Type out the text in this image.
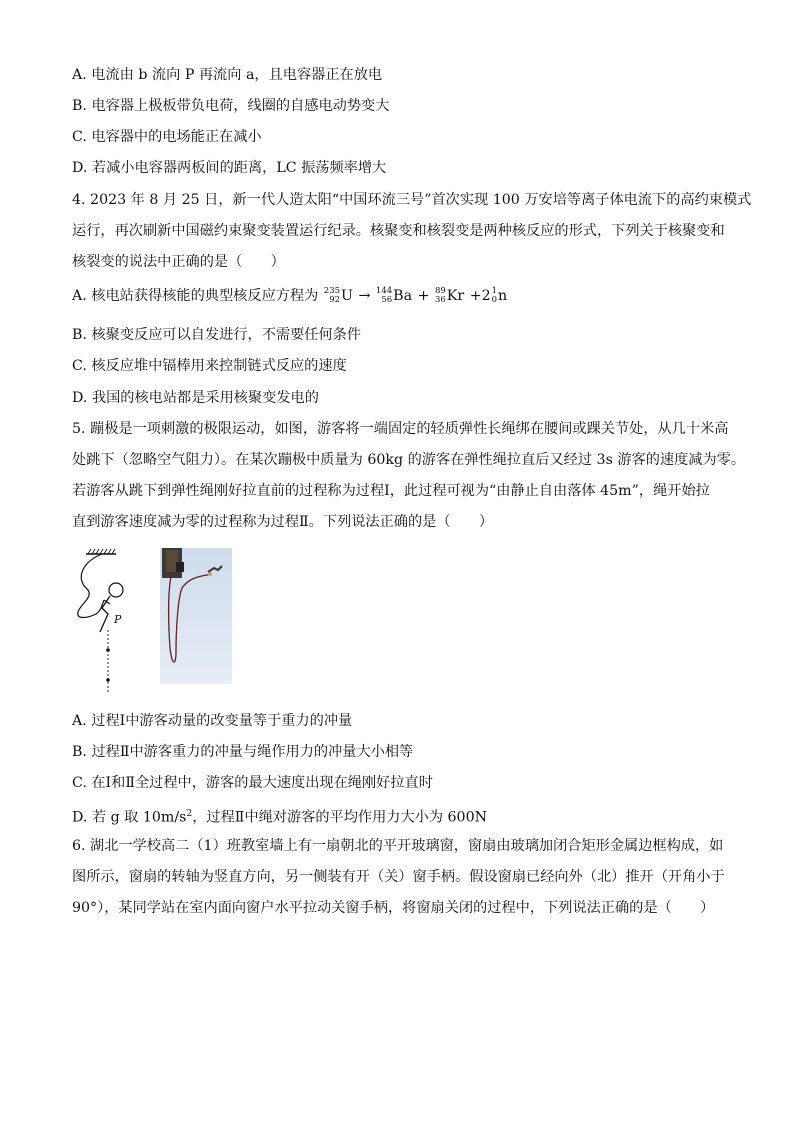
A. 电流由 b 流向 P 再流向 a，且电容器正在放电
B. 电容器上极板带负电荷，线圈的自感电动势变大
C. 电容器中的电场能正在减小
D. 若减小电容器两板间的距离，LC 振荡频率增大
4. 2023 年 8 月 25 日，新一代人造太阳“中国环流三号”首次实现 100 万安培等离子体电流下的高约束模式
运行，再次刷新中国磁约束聚变装置运行纪录。核聚变和核裂变是两种核反应的形式，下列关于核聚变和
核裂变的说法中正确的是（　　）
A. 核电站获得核能的典型核反应方程为 235
92 U → 144
56 Ba + 89
36 Kr +2 1
0 n
B. 核聚变反应可以自发进行，不需要任何条件
C. 核反应堆中镉棒用来控制链式反应的速度
D. 我国的核电站都是采用核聚变发电的
5. 蹦极是一项刺激的极限运动，如图，游客将一端固定的轻质弹性长绳绑在腰间或踝关节处，从几十米高
处跳下（忽略空气阻力）。在某次蹦极中质量为 60kg 的游客在弹性绳拉直后又经过 3s 游客的速度减为零。
若游客从跳下到弹性绳刚好拉直前的过程称为过程Ⅰ，此过程可视为“由静止自由落体 45m”，绳开始拉
直到游客速度减为零的过程称为过程Ⅱ。下列说法正确的是（　　）
P
A. 过程Ⅰ中游客动量的改变量等于重力的冲量
B. 过程Ⅱ中游客重力的冲量与绳作用力的冲量大小相等
C. 在Ⅰ和Ⅱ全过程中，游客的最大速度出现在绳刚好拉直时
D. 若 g 取 $10m/s^2$，过程Ⅱ中绳对游客的平均作用力大小为 600N
6. 湖北一学校高二（1）班教室墙上有一扇朝北的平开玻璃窗，窗扇由玻璃加闭合矩形金属边框构成，如
图所示，窗扇的转轴为竖直方向，另一侧装有开（关）窗手柄。假设窗扇已经向外（北）推开（开角小于
90°），某同学站在室内面向窗户水平拉动关窗手柄，将窗扇关闭的过程中，下列说法正确的是（　　）
